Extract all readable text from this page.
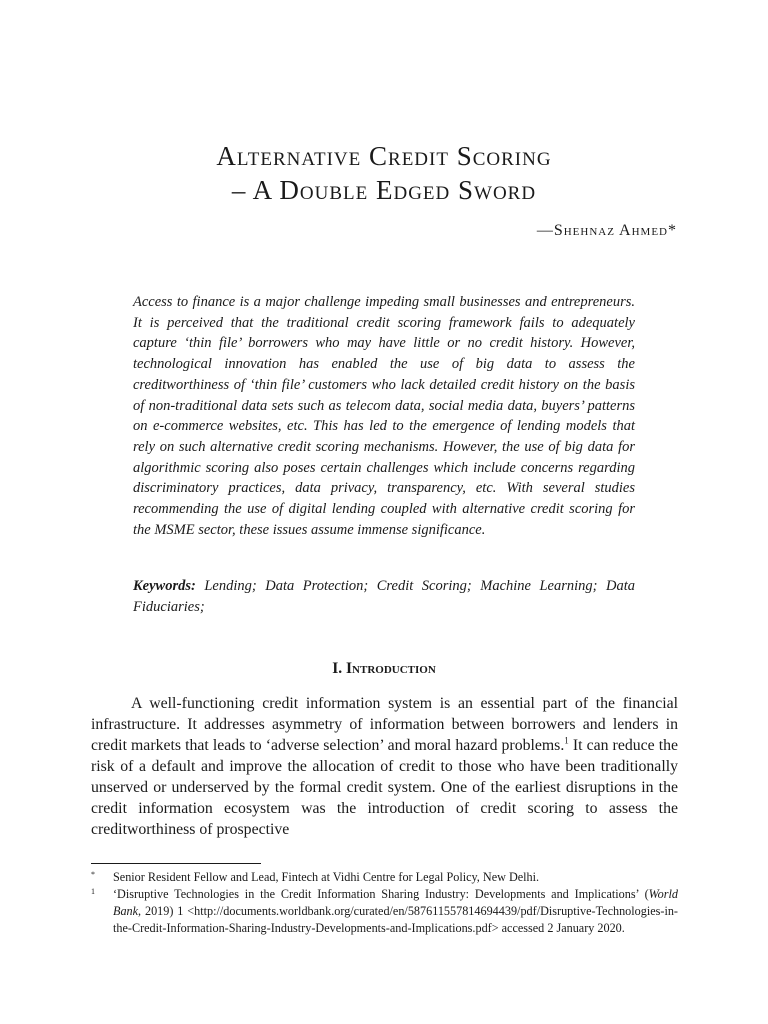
Alternative Credit Scoring
– A Double Edged Sword
—Shehnaz Ahmed*

Access to finance is a major challenge impeding small businesses and entrepreneurs. It is perceived that the traditional credit scoring framework fails to adequately capture ‘thin file’ borrowers who may have little or no credit history. However, technological innovation has enabled the use of big data to assess the creditworthiness of ‘thin file’ customers who lack detailed credit history on the basis of non-traditional data sets such as telecom data, social media data, buyers’ patterns on e-commerce websites, etc. This has led to the emergence of lending models that rely on such alternative credit scoring mechanisms. However, the use of big data for algorithmic scoring also poses certain challenges which include concerns regarding discriminatory practices, data privacy, transparency, etc. With several studies recommending the use of digital lending coupled with alternative credit scoring for the MSME sector, these issues assume immense significance.

Keywords: Lending; Data Protection; Credit Scoring; Machine Learning; Data Fiduciaries;

I. Introduction

A well-functioning credit information system is an essential part of the financial infrastructure. It addresses asymmetry of information between borrowers and lenders in credit markets that leads to ‘adverse selection’ and moral hazard problems.$^1$ It can reduce the risk of a default and improve the allocation of credit to those who have been traditionally unserved or underserved by the formal credit system. One of the earliest disruptions in the credit information ecosystem was the introduction of credit scoring to assess the creditworthiness of prospective

* Senior Resident Fellow and Lead, Fintech at Vidhi Centre for Legal Policy, New Delhi.

1 ‘Disruptive Technologies in the Credit Information Sharing Industry: Developments and Implications’ (World Bank, 2019) 1 <http://documents.worldbank.org/curated/en/587611557814694439/pdf/Disruptive-Technologies-in-the-Credit-Information-Sharing-Industry-Developments-and-Implications.pdf> accessed 2 January 2020.
